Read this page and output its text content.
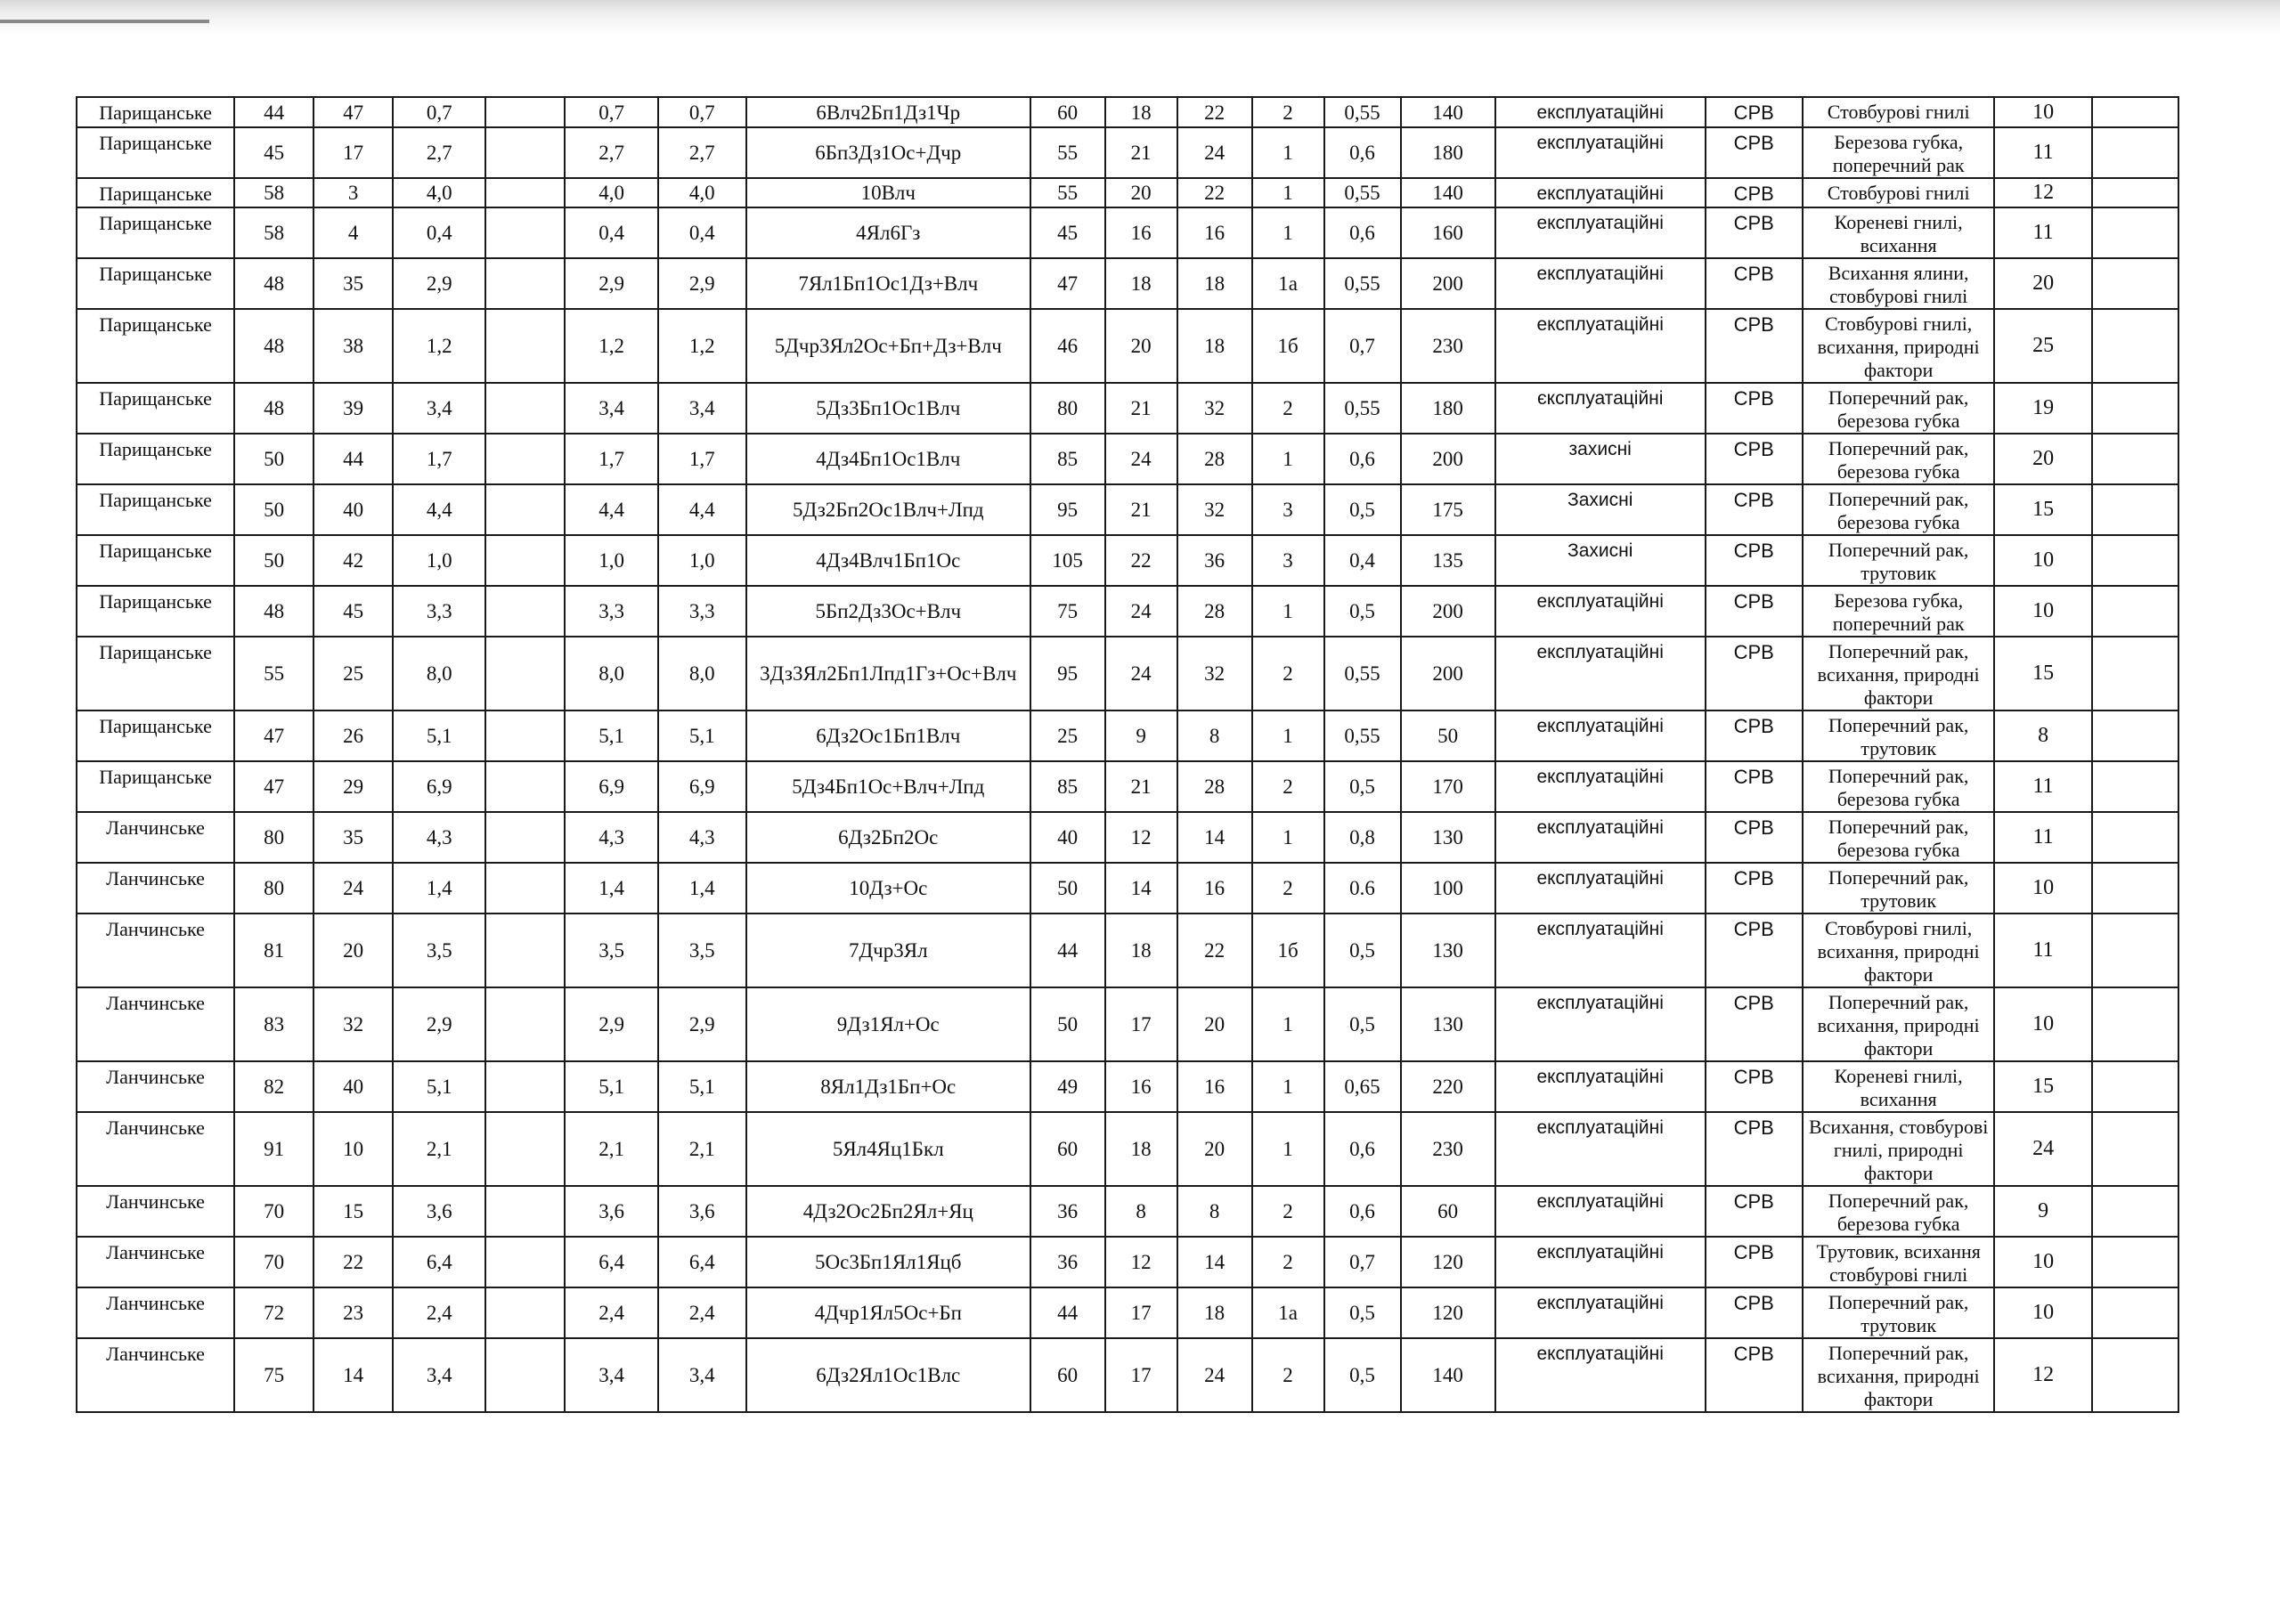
Парищанське	44	47	0,7		0,7	0,7	6Влч2Бп1Дз1Чр	60	18	22	2	0,55	140	експлуатаційні	СРВ	Стовбурові гнилі	10	
Парищанське	45	17	2,7		2,7	2,7	6Бп3Дз1Ос+Дчр	55	21	24	1	0,6	180	експлуатаційні	СРВ	Березова губка,
поперечний рак	11	
Парищанське	58	3	4,0		4,0	4,0	10Влч	55	20	22	1	0,55	140	експлуатаційні	СРВ	Стовбурові гнилі	12	
Парищанське	58	4	0,4		0,4	0,4	4Ял6Гз	45	16	16	1	0,6	160	експлуатаційні	СРВ	Кореневі гнилі,
всихання	11	
Парищанське	48	35	2,9		2,9	2,9	7Ял1Бп1Ос1Дз+Влч	47	18	18	1а	0,55	200	експлуатаційні	СРВ	Всихання ялини,
стовбурові гнилі	20	
Парищанське	48	38	1,2		1,2	1,2	5Дчр3Ял2Ос+Бп+Дз+Влч	46	20	18	1б	0,7	230	експлуатаційні	СРВ	Стовбурові гнилі,
всихання, природні
фактори	25	
Парищанське	48	39	3,4		3,4	3,4	5Дз3Бп1Ос1Влч	80	21	32	2	0,55	180	єксплуатаційні	СРВ	Поперечний рак,
березова губка	19	
Парищанське	50	44	1,7		1,7	1,7	4Дз4Бп1Ос1Влч	85	24	28	1	0,6	200	захисні	СРВ	Поперечний рак,
березова губка	20	
Парищанське	50	40	4,4		4,4	4,4	5Дз2Бп2Ос1Влч+Лпд	95	21	32	3	0,5	175	Захисні	СРВ	Поперечний рак,
березова губка	15	
Парищанське	50	42	1,0		1,0	1,0	4Дз4Влч1Бп1Ос	105	22	36	3	0,4	135	Захисні	СРВ	Поперечний рак,
трутовик	10	
Парищанське	48	45	3,3		3,3	3,3	5Бп2Дз3Ос+Влч	75	24	28	1	0,5	200	експлуатаційні	СРВ	Березова губка,
поперечний рак	10	
Парищанське	55	25	8,0		8,0	8,0	3Дз3Ял2Бп1Лпд1Гз+Ос+Влч	95	24	32	2	0,55	200	експлуатаційні	СРВ	Поперечний рак,
всихання, природні
фактори	15	
Парищанське	47	26	5,1		5,1	5,1	6Дз2Ос1Бп1Влч	25	9	8	1	0,55	50	експлуатаційні	СРВ	Поперечний рак,
трутовик	8	
Парищанське	47	29	6,9		6,9	6,9	5Дз4Бп1Ос+Влч+Лпд	85	21	28	2	0,5	170	експлуатаційні	СРВ	Поперечний рак,
березова губка	11	
Ланчинське	80	35	4,3		4,3	4,3	6Дз2Бп2Ос	40	12	14	1	0,8	130	експлуатаційні	СРВ	Поперечний рак,
березова губка	11	
Ланчинське	80	24	1,4		1,4	1,4	10Дз+Ос	50	14	16	2	0.6	100	експлуатаційні	СРВ	Поперечний рак,
трутовик	10	
Ланчинське	81	20	3,5		3,5	3,5	7Дчр3Ял	44	18	22	1б	0,5	130	експлуатаційні	СРВ	Стовбурові гнилі,
всихання, природні
фактори	11	
Ланчинське	83	32	2,9		2,9	2,9	9Дз1Ял+Ос	50	17	20	1	0,5	130	експлуатаційні	СРВ	Поперечний рак,
всихання, природні
фактори	10	
Ланчинське	82	40	5,1		5,1	5,1	8Ял1Дз1Бп+Ос	49	16	16	1	0,65	220	експлуатаційні	СРВ	Кореневі гнилі,
всихання	15	
Ланчинське	91	10	2,1		2,1	2,1	5Ял4Яц1Бкл	60	18	20	1	0,6	230	експлуатаційні	СРВ	Всихання, стовбурові
гнилі, природні
фактори	24	
Ланчинське	70	15	3,6		3,6	3,6	4Дз2Ос2Бп2Ял+Яц	36	8	8	2	0,6	60	експлуатаційні	СРВ	Поперечний рак,
березова губка	9	
Ланчинське	70	22	6,4		6,4	6,4	5Ос3Бп1Ял1Яцб	36	12	14	2	0,7	120	експлуатаційні	СРВ	Трутовик, всихання
стовбурові гнилі	10	
Ланчинське	72	23	2,4		2,4	2,4	4Дчр1Ял5Ос+Бп	44	17	18	1а	0,5	120	експлуатаційні	СРВ	Поперечний рак,
трутовик	10	
Ланчинське	75	14	3,4		3,4	3,4	6Дз2Ял1Ос1Влс	60	17	24	2	0,5	140	експлуатаційні	СРВ	Поперечний рак,
всихання, природні
фактори	12	
